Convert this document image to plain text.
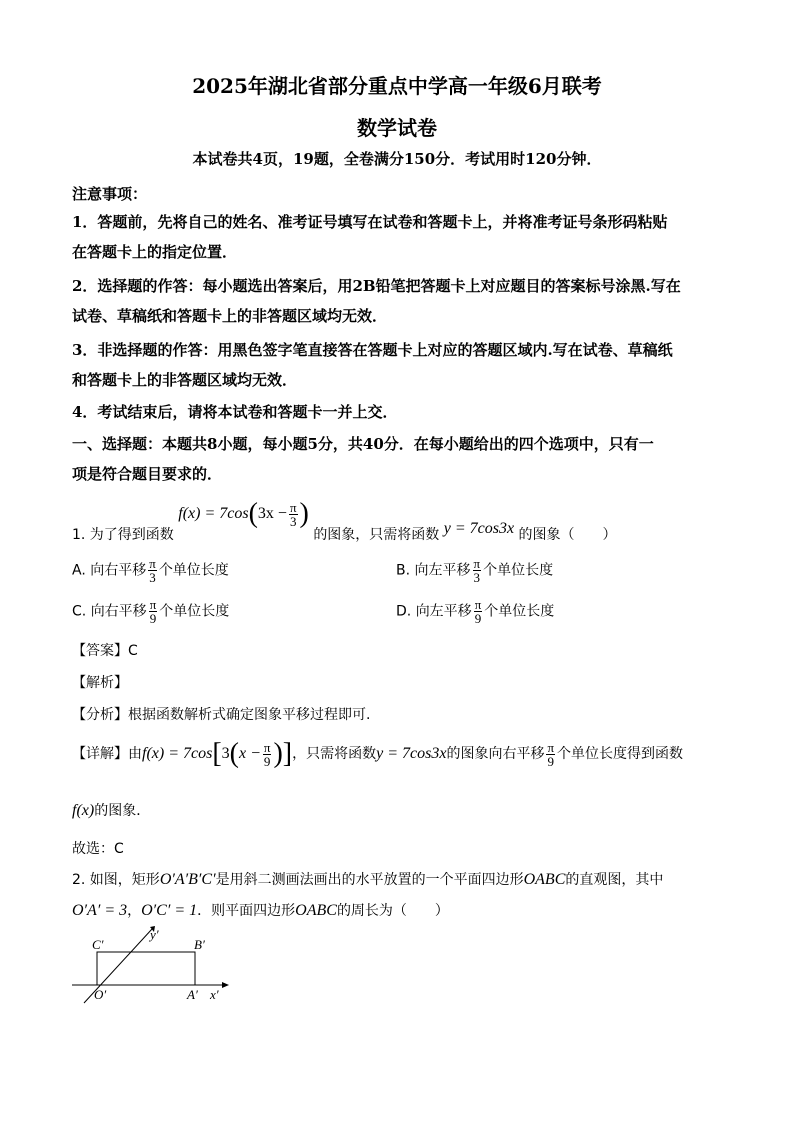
2025年湖北省部分重点中学高一年级6月联考
数学试卷
本试卷共4页，19题，全卷满分150分．考试用时120分钟．
注意事项：
1．答题前，先将自己的姓名、准考证号填写在试卷和答题卡上，并将准考证号条形码粘贴
在答题卡上的指定位置．
2．选择题的作答：每小题选出答案后，用2B铅笔把答题卡上对应题目的答案标号涂黑.写在
试卷、草稿纸和答题卡上的非答题区域均无效．
3．非选择题的作答：用黑色签字笔直接答在答题卡上对应的答题区域内.写在试卷、草稿纸
和答题卡上的非答题区域均无效．
4．考试结束后，请将本试卷和答题卡一并上交．
一、选择题：本题共8小题，每小题5分，共40分．在每小题给出的四个选项中，只有一
项是符合题目要求的．
1. 为了得到函数 $f(x) = 7\cos(3x - \frac{\pi}{3}$ ) 的图象，只需将函数 y = 7cos3x 的图象（　　）
A. 向右平移 $\frac{\pi}{3}$ 个单位长度	B. 向左平移 $\frac{\pi}{3}$ 个单位长度
C. 向右平移 $\frac{\pi}{9}$ 个单位长度	D. 向左平移 $\frac{\pi}{9}$ 个单位长度
【答案】C
【解析】
【分析】根据函数解析式确定图象平移过程即可.
【详解】由$f(x) = 7\cos[3(x - \frac{\pi}{9}$ )]，只需将函数y = 7cos3x的图象向右平移 $\frac{\pi}{9}$ 个单位长度得到函数
f(x)的图象．
故选：C
2. 如图，矩形O′A′B′C′是用斜二测画法画出的水平放置的一个平面四边形OABC的直观图，其中
O′A′ = 3，O′C′ = 1．则平面四边形OABC的周长为（　　）
C′	B′
O′	A′ x′
y′
